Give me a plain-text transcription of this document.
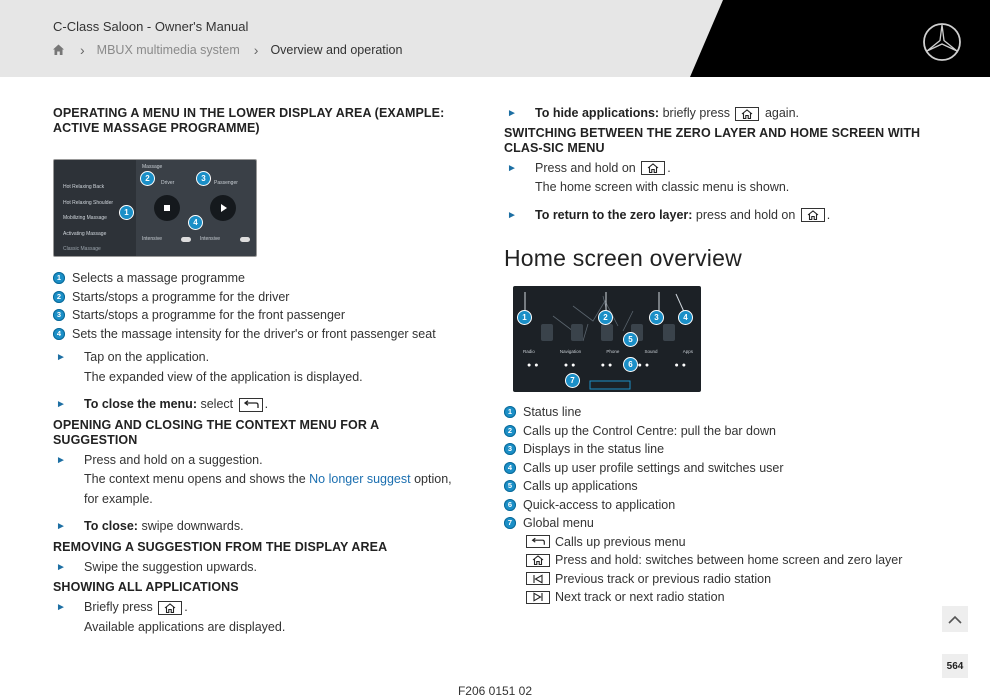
C-Class Saloon - Owner's Manual
› MBUX multimedia system › Overview and operation
OPERATING A MENU IN THE LOWER DISPLAY AREA (EXAMPLE: ACTIVE MASSAGE PROGRAMME)
Hot Relaxing Back
Hot Relaxing Shoulder
Mobilizing Massage
Activating Massage
Classic Massage
Massage
Driver	Passenger
Intensive	Intensive
1
2	3
4
1 Selects a massage programme
2 Starts/stops a programme for the driver
3 Starts/stops a programme for the front passenger
4 Sets the massage intensity for the driver's or front passenger seat
► Tap on the application.
The expanded view of the application is displayed.
► To close the menu: select	.
OPENING AND CLOSING THE CONTEXT MENU FOR A SUGGESTION
► Press and hold on a suggestion.
The context menu opens and shows the No longer suggest option, for example.
► To close: swipe downwards.
REMOVING A SUGGESTION FROM THE DISPLAY AREA
► Swipe the suggestion upwards.
SHOWING ALL APPLICATIONS
► Briefly press	.
Available applications are displayed.
► To hide applications: briefly press	again.
SWITCHING BETWEEN THE ZERO LAYER AND HOME SCREEN WITH CLAS-SIC MENU
► Press and hold on	.
The home screen with classic menu is shown.
► To return to the zero layer: press and hold on	.
Home screen overview
Radio	Navigation	Phone	Sound	Apps
●●	●●	●●	●●	●●
1	2	3	4
5
6
7
1 Status line
2 Calls up the Control Centre: pull the bar down
3 Displays in the status line
4 Calls up user profile settings and switches user
5 Calls up applications
6 Quick-access to application
7 Global menu
Calls up previous menu
Press and hold: switches between home screen and zero layer
Previous track or previous radio station
Next track or next radio station
564
F206 0151 02
